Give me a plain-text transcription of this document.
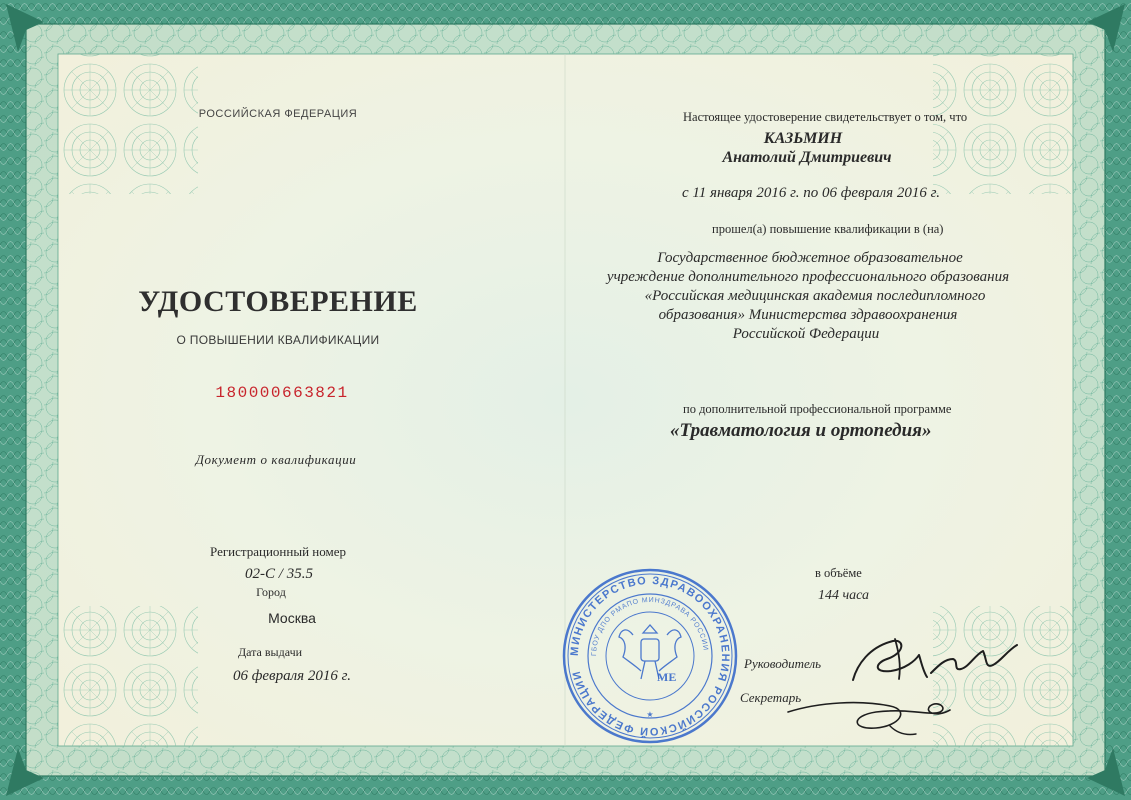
РОССИЙСКАЯ ФЕДЕРАЦИЯ

УДОСТОВЕРЕНИЕ

О ПОВЫШЕНИИ КВАЛИФИКАЦИИ

180000663821

Документ о квалификации

Регистрационный номер

02-С / 35.5

Город

Москва

Дата выдачи

06 февраля 2016 г.

Настоящее удостоверение свидетельствует о том, что

КАЗЬМИН

Анатолий Дмитриевич

с 11 января 2016 г. по 06 февраля 2016 г.

прошел(а) повышение квалификации в (на)

Государственное бюджетное образовательное

учреждение дополнительного профессионального образования

«Российская медицинская академия последипломного

образования» Министерства здравоохранения

Российской Федерации

по дополнительной профессиональной программе

«Травматология и ортопедия»

в объёме

144 часа

Руководитель

Секретарь

МИНИСТЕРСТВО ЗДРАВООХРАНЕНИЯ РОССИЙСКОЙ ФЕДЕРАЦИИ
ГБОУ ДПО РМАПО МИНЗДРАВА РОССИИ
МЕ
★
